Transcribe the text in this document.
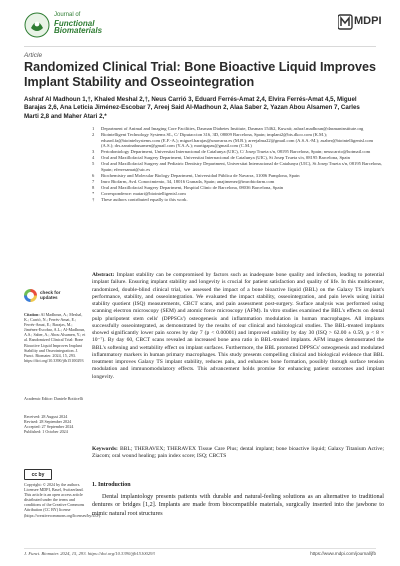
Journal of
Functional
Biomaterials
MDPI
Article
Randomized Clinical Trial: Bone Bioactive Liquid Improves Implant Stability and Osseointegration
Ashraf Al Madhoun 1,†, Khaled Meshal 2,†, Neus Carrió 3, Eduard Ferrés-Amat 2,4, Elvira Ferrés-Amat 4,5, Miguel Barajas 2,6, Ana Leticia Jiménez-Escobar 7, Areej Said Al-Madhoun 2, Alaa Saber 2, Yazan Abou Alsamen 7, Carles Marti 2,8 and Maher Atari 2,*
1	Department of Animal and Imaging Core Facilities, Dasman Diabetes Institute, Dasman 15462, Kuwait; ashraf.madhoun@dasmaninstitute.org
2	Biointelligent Technology Systems SL, C/ Diputaccion 316, 3D, 08009 Barcelona, Spain; implant2@bts.dkco.com (K.M.); eduard.fa@biointelsystems.com (E.F.-A.); miguel.barajas@unavarra.es (M.B.); areejalma22@gmail.com (A.S.A.-M.); asaber@biointelligentsl.com (A.S.); drs.zarainabusamen@gmail.com (Y.A.A.); martigapas@gmail.com (C.M.)
3	Periodontology Department, Universitat Internacional de Catalunya (UIC), C/ Josep Trueta s/n, 08195 Barcelona, Spain; neuscarrio@hotmail.com
4	Oral and Maxillofacial Surgery Department, Universitat Internacional de Catalunya (UIC), St Josep Trueta s/n, 08195 Barcelona, Spain
5	Oral and Maxillofacial Surgery and Pediatric Dentistry Department, Universitat Internacional de Catalunya (UIC), St Josep Trueta s/n, 08195 Barcelona, Spain; eferresamat@uic.es
6	Biochemistry and Molecular Biology Department, Universidad Pública de Navarra, 31006 Pamplona, Spain
7	Imro Biofarm, Avd. Conocimiento, 34, 18016 Granada, Spain; anajimenez@imrobiofarm.com
8	Oral and Maxillofacial Surgery Department, Hospital Clinic de Barcelona, 08036 Barcelona, Spain
*	Correspondence: matari@biointelligentsl.com
†	These authors contributed equally to this work.
check for
updates
Citation: Al Madhoun, A.; Meshal, K.; Carrió, N.; Ferrés-Amat, E.; Ferrés-Amat, E.; Barajas, M.; Jiménez-Escobar, A.L.; Al-Madhoun, A.S.; Saber, A.; Abou Alsamen, Y.; et al. Randomized Clinical Trial: Bone Bioactive Liquid Improves Implant Stability and Osseointegration. J. Funct. Biomater. 2024, 15, 293. https://doi.org/10.3390/jfb15100293
Academic Editor: Daniele Botticelli
Received: 28 August 2024
Revised: 28 September 2024
Accepted: 27 September 2024
Published: 1 October 2024
cc by
Copyright: © 2024 by the authors. Licensee MDPI, Basel, Switzerland. This article is an open access article distributed under the terms and conditions of the Creative Commons Attribution (CC BY) license (https://creativecommons.org/licenses/by/4.0/).
Abstract: Implant stability can be compromised by factors such as inadequate bone quality and infection, leading to potential implant failure. Ensuring implant stability and longevity is crucial for patient satisfaction and quality of life. In this multicenter, randomized, double-blind clinical trial, we assessed the impact of a bone bioactive liquid (BBL) on the Galaxy TS implant's performance, stability, and osseointegration. We evaluated the impact stability, osseointegration, and pain levels using initial stability quotient (ISQ) measurements, CBCT scans, and pain assessment post-surgery. Surface analysis was performed using scanning electron microscopy (SEM) and atomic force microscopy (AFM). In vitro studies examined the BBL's effects on dental pulp pluripotent stem cells' (DPPSCs') osteogenesis and inflammation modulation in human macrophages. All implants successfully osseointegrated, as demonstrated by the results of our clinical and histological studies. The BBL-treated implants showed significantly lower pain scores by day 7 (p < 0.00001) and improved stability by day 30 (ISQ > 62.00 ± 0.59, p < 8 × 10⁻⁷). By day 60, CBCT scans revealed an increased bone area ratio in BBL-treated implants. AFM images demonstrated the BBL's softening and wettability effect on implant surfaces. Furthermore, the BBL promoted DPPSCs' osteogenesis and modulated inflammatory markers in human primary macrophages. This study presents compelling clinical and biological evidence that BBL treatment improves Galaxy TS implant stability, reduces pain, and enhances bone formation, possibly through surface tension modulation and immunomodulatory effects. This advancement holds promise for enhancing patient outcomes and implant longevity.
Keywords: BBL; THERAVEX; THERAVEX Tissue Care Plus; dental implant; bone bioactive liquid; Galaxy Titanium Active; Ziacom; oral wound healing; pain index score; ISQ; CBCTS
1. Introduction
Dental implantology presents patients with durable and natural-feeling solutions as an alternative to traditional dentures or bridges [1,2]. Implants are made from biocompatible materials, surgically inserted into the jawbone to mimic natural root structures
J. Funct. Biomater. 2024, 15, 293. https://doi.org/10.3390/jfb15100293	https://www.mdpi.com/journal/jfb
